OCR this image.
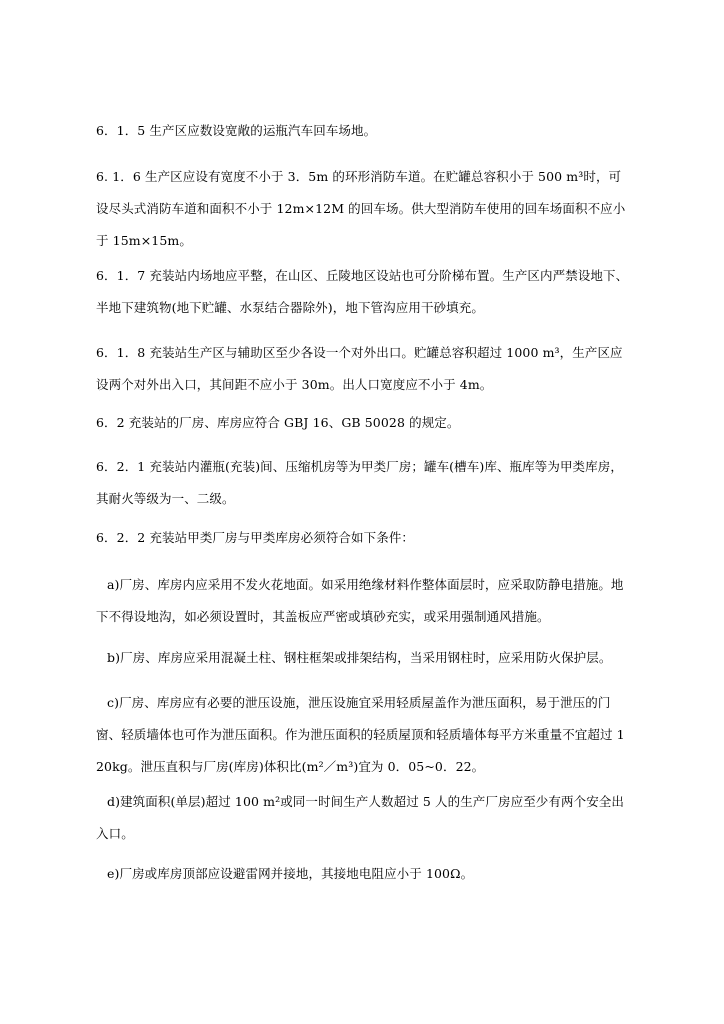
6．1．5 生产区应数设宽敞的运瓶汽车回车场地。

6. 1．6 生产区应设有宽度不小于 3．5m 的环形消防车道。在贮罐总容积小于 500 m³时，可设尽头式消防车道和面积不小于 12m×12M 的回车场。供大型消防车使用的回车场面积不应小于 15m×15m。

6．1．7 充装站内场地应平整，在山区、丘陵地区设站也可分阶梯布置。生产区内严禁设地下、半地下建筑物(地下贮罐、水泵结合器除外)，地下管沟应用干砂填充。

6．1．8 充装站生产区与辅助区至少各设一个对外出口。贮罐总容积超过 1000 m³，生产区应设两个对外出入口，其间距不应小于 30m。出人口宽度应不小于 4m。

6．2 充装站的厂房、库房应符合 GBJ 16、GB 50028 的规定。

6．2．1 充装站内灌瓶(充装)间、压缩机房等为甲类厂房；罐车(槽车)库、瓶库等为甲类库房，其耐火等级为一、二级。

6．2．2 充装站甲类厂房与甲类库房必须符合如下条件：

a)厂房、库房内应采用不发火花地面。如采用绝缘材料作整体面层时，应采取防静电措施。地下不得设地沟，如必须设置时，其盖板应严密或填砂充实，或采用强制通风措施。

b)厂房、库房应采用混凝土柱、钢柱框架或排架结构，当采用钢柱时，应采用防火保护层。

c)厂房、库房应有必要的泄压设施，泄压设施宜采用轻质屋盖作为泄压面积，易于泄压的门窗、轻质墙体也可作为泄压面积。作为泄压面积的轻质屋顶和轻质墙体每平方米重量不宜超过 120kg。泄压直积与厂房(库房)体积比(m²／m³)宜为 0．05~0．22。

d)建筑面积(单层)超过 100 m²或同一时间生产人数超过 5 人的生产厂房应至少有两个安全出入口。

e)厂房或库房顶部应设避雷网并接地，其接地电阻应小于 100Ω。
